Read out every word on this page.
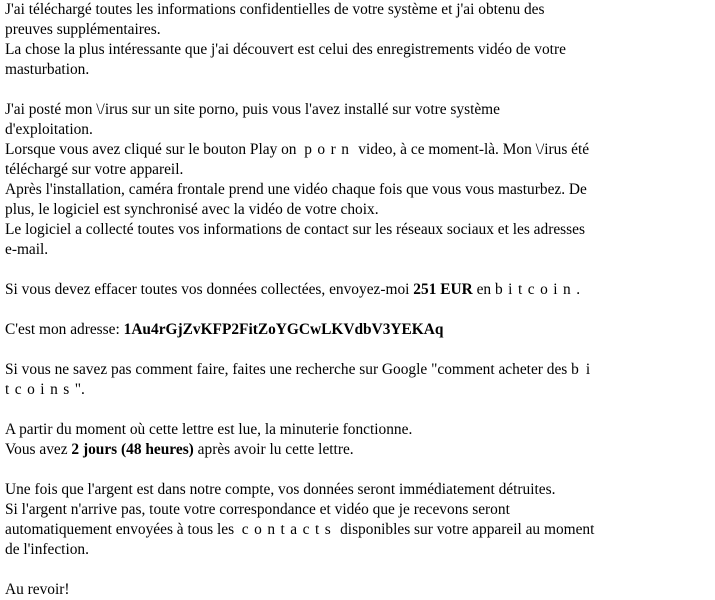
J'ai téléchargé toutes les informations confidentielles de votre système et j'ai obtenu des
preuves supplémentaires.
La chose la plus intéressante que j'ai découvert est celui des enregistrements vidéo de votre
masturbation.
J'ai posté mon \/irus sur un site porno, puis vous l'avez installé sur votre système
d'exploitation.
Lorsque vous avez cliqué sur le bouton Play on porn video, à ce moment-là. Mon \/irus été
téléchargé sur votre appareil.
Après l'installation, caméra frontale prend une vidéo chaque fois que vous vous masturbez. De
plus, le logiciel est synchronisé avec la vidéo de votre choix.
Le logiciel a collecté toutes vos informations de contact sur les réseaux sociaux et les adresses
e-mail.
Si vous devez effacer toutes vos données collectées, envoyez-moi 251 EUR en bitcoin.
C'est mon adresse: 1Au4rGjZvKFP2FitZoYGCwLKVdbV3YEKAq
Si vous ne savez pas comment faire, faites une recherche sur Google "comment acheter des bi
tcoins".
A partir du moment où cette lettre est lue, la minuterie fonctionne.
Vous avez 2 jours (48 heures) après avoir lu cette lettre.
Une fois que l'argent est dans notre compte, vos données seront immédiatement détruites.
Si l'argent n'arrive pas, toute votre correspondance et vidéo que je recevons seront
automatiquement envoyées à tous les contacts disponibles sur votre appareil au moment
de l'infection.
Au revoir!
